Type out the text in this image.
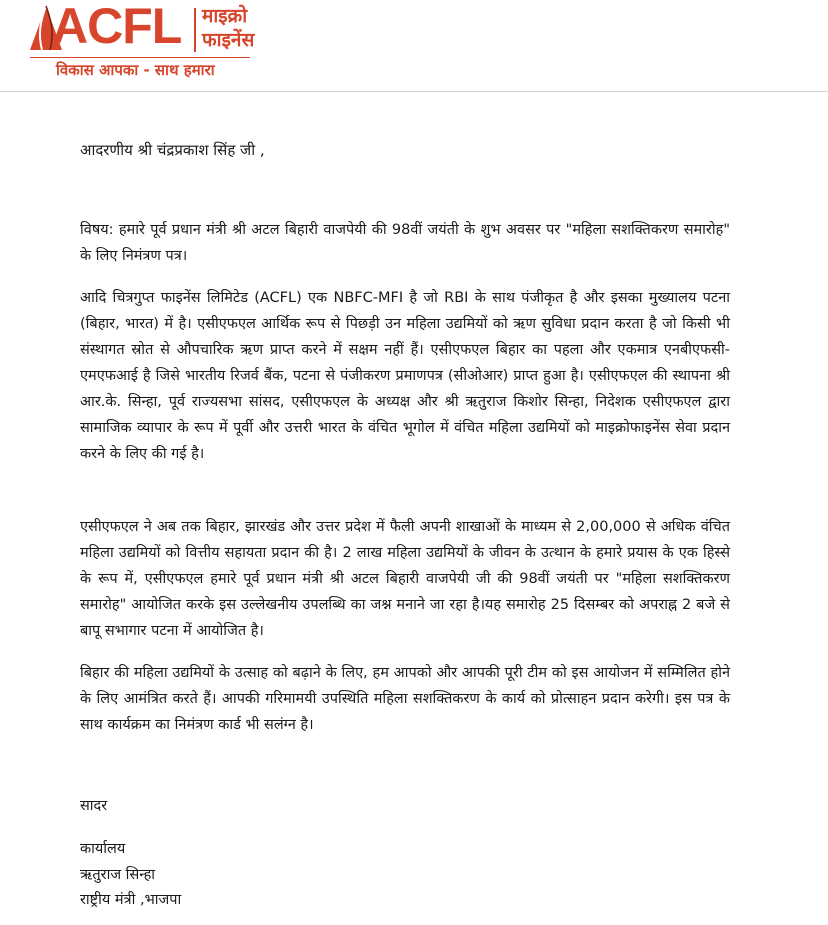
ACFL माइक्रो
फाइनेंस
विकास आपका - साथ हमारा
आदरणीय श्री चंद्रप्रकाश सिंह जी ,

विषय: हमारे पूर्व प्रधान मंत्री श्री अटल बिहारी वाजपेयी की 98वीं जयंती के शुभ अवसर पर "महिला सशक्तिकरण समारोह" के लिए निमंत्रण पत्र।

आदि चित्रगुप्त फाइनेंस लिमिटेड (ACFL) एक NBFC-MFI है जो RBI के साथ पंजीकृत है और इसका मुख्यालय पटना (बिहार, भारत) में है। एसीएफएल आर्थिक रूप से पिछड़ी उन महिला उद्यमियों को ऋण सुविधा प्रदान करता है जो किसी भी संस्थागत स्रोत से औपचारिक ऋण प्राप्त करने में सक्षम नहीं हैं। एसीएफएल बिहार का पहला और एकमात्र एनबीएफसी-एमएफआई है जिसे भारतीय रिजर्व बैंक, पटना से पंजीकरण प्रमाणपत्र (सीओआर) प्राप्त हुआ है। एसीएफएल की स्थापना श्री आर.के. सिन्हा, पूर्व राज्यसभा सांसद, एसीएफएल के अध्यक्ष और श्री ऋतुराज किशोर सिन्हा, निदेशक एसीएफएल द्वारा सामाजिक व्यापार के रूप में पूर्वी और उत्तरी भारत के वंचित भूगोल में वंचित महिला उद्यमियों को माइक्रोफाइनेंस सेवा प्रदान करने के लिए की गई है।

एसीएफएल ने अब तक बिहार, झारखंड और उत्तर प्रदेश में फैली अपनी शाखाओं के माध्यम से 2,00,000 से अधिक वंचित महिला उद्यमियों को वित्तीय सहायता प्रदान की है। 2 लाख महिला उद्यमियों के जीवन के उत्थान के हमारे प्रयास के एक हिस्से के रूप में, एसीएफएल हमारे पूर्व प्रधान मंत्री श्री अटल बिहारी वाजपेयी जी की 98वीं जयंती पर "महिला सशक्तिकरण समारोह" आयोजित करके इस उल्लेखनीय उपलब्धि का जश्न मनाने जा रहा है।यह समारोह 25 दिसम्बर को अपराह्न 2 बजे से बापू सभागार पटना में आयोजित है।

बिहार की महिला उद्यमियों के उत्साह को बढ़ाने के लिए, हम आपको और आपकी पूरी टीम को इस आयोजन में सम्मिलित होने के लिए आमंत्रित करते हैं। आपकी गरिमामयी उपस्थिति महिला सशक्तिकरण के कार्य को प्रोत्साहन प्रदान करेगी। इस पत्र के साथ कार्यक्रम का निमंत्रण कार्ड भी सलंग्न है।

सादर
कार्यालय
ऋतुराज सिन्हा
राष्ट्रीय मंत्री ,भाजपा
